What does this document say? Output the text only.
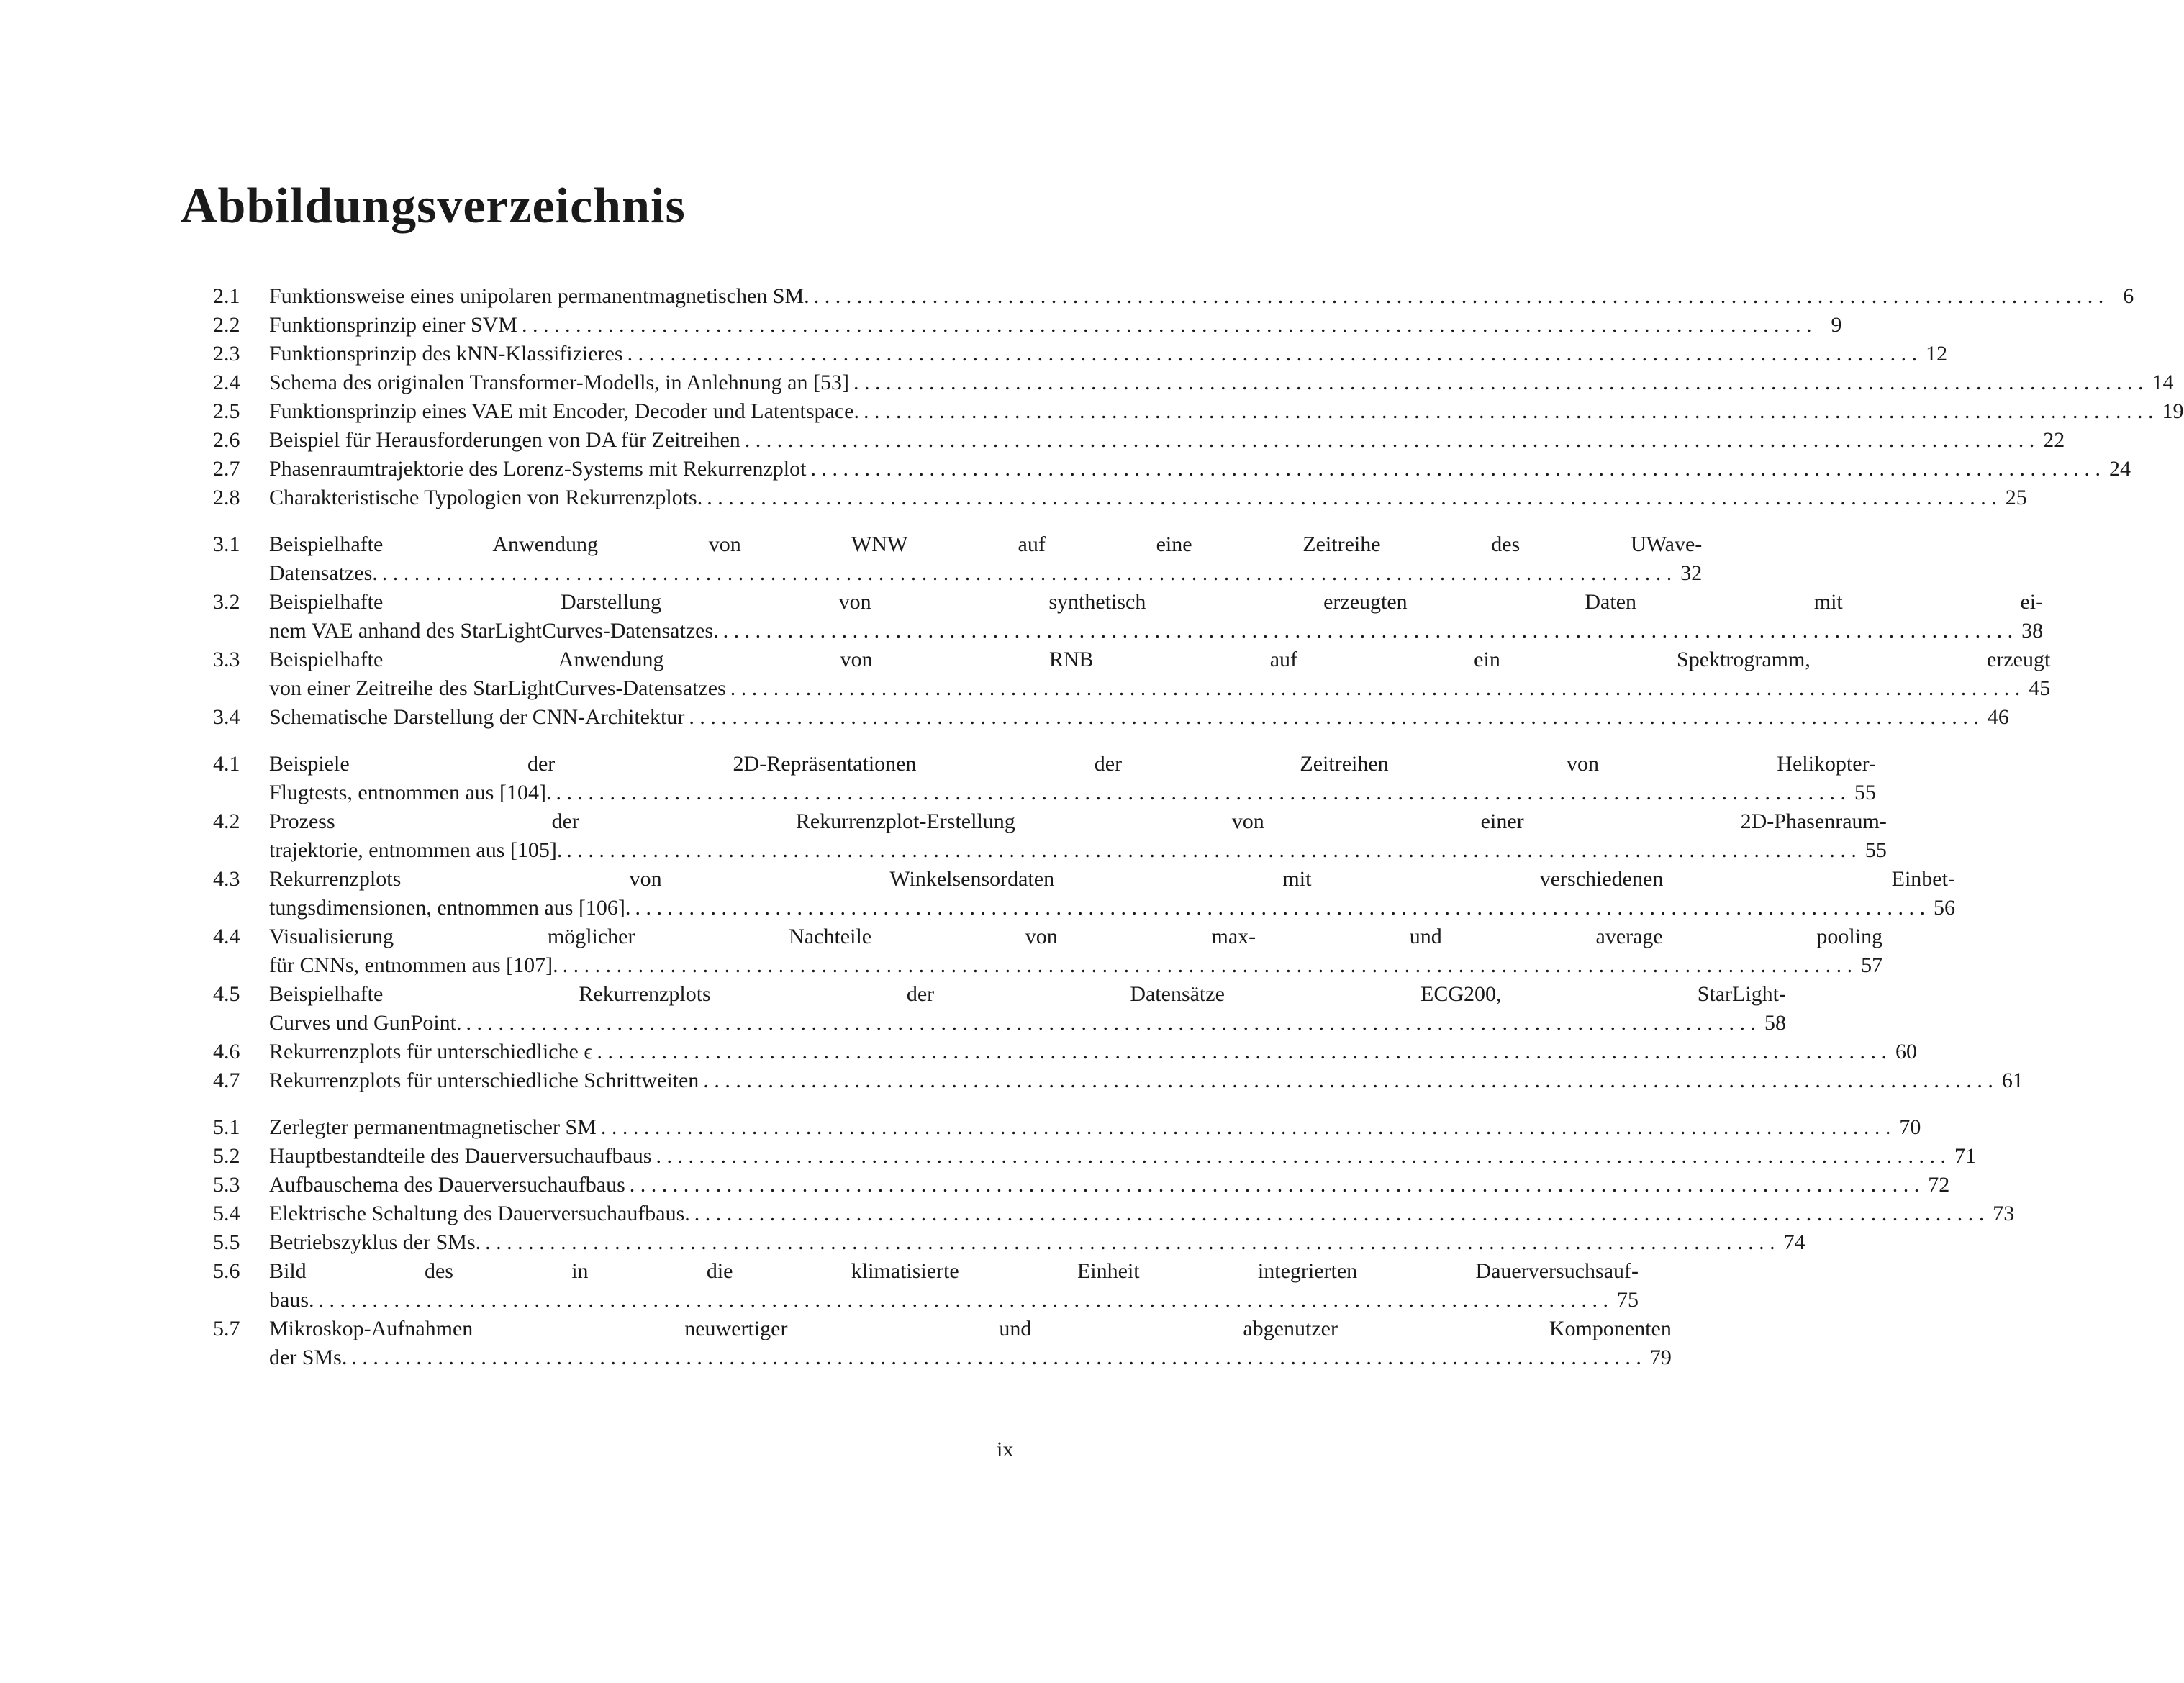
Abbildungsverzeichnis
2.1	Funktionsweise eines unipolaren permanentmagnetischen SM. . . . . . . . . . . . . . . . . . . . . . . . . . . . . . . . . . . . . . . . . . . . . . . . . . . . . . . . . . . . . . . . . . . . . . . . . . . . . . . . . . . . . . . . . . . . . . . . . . . . . . . . . . . . . . . . . . . . . . . . . 6
2.2	Funktionsprinzip einer SVM . . . . . . . . . . . . . . . . . . . . . . . . . . . . . . . . . . . . . . . . . . . . . . . . . . . . . . . . . . . . . . . . . . . . . . . . . . . . . . . . . . . . . . . . . . . . . . . . . . . . . . . . . . . . . . . . . . . . . . . . 9
2.3	Funktionsprinzip des kNN-Klassifizieres . . . . . . . . . . . . . . . . . . . . . . . . . . . . . . . . . . . . . . . . . . . . . . . . . . . . . . . . . . . . . . . . . . . . . . . . . . . . . . . . . . . . . . . . . . . . . . . . . . . . . . . . . . . . . . . . . . . . . . . . 12
2.4	Schema des originalen Transformer-Modells, in Anlehnung an [53] . . . . . . . . . . . . . . . . . . . . . . . . . . . . . . . . . . . . . . . . . . . . . . . . . . . . . . . . . . . . . . . . . . . . . . . . . . . . . . . . . . . . . . . . . . . . . . . . . . . . . . . . . . . . . . . . . . . . . . . . 14
2.5	Funktionsprinzip eines VAE mit Encoder, Decoder und Latentspace. . . . . . . . . . . . . . . . . . . . . . . . . . . . . . . . . . . . . . . . . . . . . . . . . . . . . . . . . . . . . . . . . . . . . . . . . . . . . . . . . . . . . . . . . . . . . . . . . . . . . . . . . . . . . . . . . . . . . . . . . 19
2.6	Beispiel für Herausforderungen von DA für Zeitreihen . . . . . . . . . . . . . . . . . . . . . . . . . . . . . . . . . . . . . . . . . . . . . . . . . . . . . . . . . . . . . . . . . . . . . . . . . . . . . . . . . . . . . . . . . . . . . . . . . . . . . . . . . . . . . . . . . . . . . . . . 22
2.7	Phasenraumtrajektorie des Lorenz-Systems mit Rekurrenzplot . . . . . . . . . . . . . . . . . . . . . . . . . . . . . . . . . . . . . . . . . . . . . . . . . . . . . . . . . . . . . . . . . . . . . . . . . . . . . . . . . . . . . . . . . . . . . . . . . . . . . . . . . . . . . . . . . . . . . . . . 24
2.8	Charakteristische Typologien von Rekurrenzplots. . . . . . . . . . . . . . . . . . . . . . . . . . . . . . . . . . . . . . . . . . . . . . . . . . . . . . . . . . . . . . . . . . . . . . . . . . . . . . . . . . . . . . . . . . . . . . . . . . . . . . . . . . . . . . . . . . . . . . . . . 25
3.1	Beispielhafte Anwendung von WNW auf eine Zeitreihe des UWave-
Datensatzes. . . . . . . . . . . . . . . . . . . . . . . . . . . . . . . . . . . . . . . . . . . . . . . . . . . . . . . . . . . . . . . . . . . . . . . . . . . . . . . . . . . . . . . . . . . . . . . . . . . . . . . . . . . . . . . . . . . . . . . . . 32
3.2	Beispielhafte Darstellung von synthetisch erzeugten Daten mit ei-
nem VAE anhand des StarLightCurves-Datensatzes. . . . . . . . . . . . . . . . . . . . . . . . . . . . . . . . . . . . . . . . . . . . . . . . . . . . . . . . . . . . . . . . . . . . . . . . . . . . . . . . . . . . . . . . . . . . . . . . . . . . . . . . . . . . . . . . . . . . . . . . . 38
3.3	Beispielhafte Anwendung von RNB auf ein Spektrogramm, erzeugt
von einer Zeitreihe des StarLightCurves-Datensatzes . . . . . . . . . . . . . . . . . . . . . . . . . . . . . . . . . . . . . . . . . . . . . . . . . . . . . . . . . . . . . . . . . . . . . . . . . . . . . . . . . . . . . . . . . . . . . . . . . . . . . . . . . . . . . . . . . . . . . . . . 45
3.4	Schematische Darstellung der CNN-Architektur . . . . . . . . . . . . . . . . . . . . . . . . . . . . . . . . . . . . . . . . . . . . . . . . . . . . . . . . . . . . . . . . . . . . . . . . . . . . . . . . . . . . . . . . . . . . . . . . . . . . . . . . . . . . . . . . . . . . . . . . 46
4.1	Beispiele der 2D-Repräsentationen der Zeitreihen von Helikopter-
Flugtests, entnommen aus [104]. . . . . . . . . . . . . . . . . . . . . . . . . . . . . . . . . . . . . . . . . . . . . . . . . . . . . . . . . . . . . . . . . . . . . . . . . . . . . . . . . . . . . . . . . . . . . . . . . . . . . . . . . . . . . . . . . . . . . . . . . 55
4.2	Prozess der Rekurrenzplot-Erstellung von einer 2D-Phasenraum-
trajektorie, entnommen aus [105]. . . . . . . . . . . . . . . . . . . . . . . . . . . . . . . . . . . . . . . . . . . . . . . . . . . . . . . . . . . . . . . . . . . . . . . . . . . . . . . . . . . . . . . . . . . . . . . . . . . . . . . . . . . . . . . . . . . . . . . . . 55
4.3	Rekurrenzplots von Winkelsensordaten mit verschiedenen Einbet-
tungsdimensionen, entnommen aus [106]. . . . . . . . . . . . . . . . . . . . . . . . . . . . . . . . . . . . . . . . . . . . . . . . . . . . . . . . . . . . . . . . . . . . . . . . . . . . . . . . . . . . . . . . . . . . . . . . . . . . . . . . . . . . . . . . . . . . . . . . . 56
4.4	Visualisierung möglicher Nachteile von max- und average pooling
für CNNs, entnommen aus [107]. . . . . . . . . . . . . . . . . . . . . . . . . . . . . . . . . . . . . . . . . . . . . . . . . . . . . . . . . . . . . . . . . . . . . . . . . . . . . . . . . . . . . . . . . . . . . . . . . . . . . . . . . . . . . . . . . . . . . . . . . 57
4.5	Beispielhafte Rekurrenzplots der Datensätze ECG200, StarLight-
Curves und GunPoint. . . . . . . . . . . . . . . . . . . . . . . . . . . . . . . . . . . . . . . . . . . . . . . . . . . . . . . . . . . . . . . . . . . . . . . . . . . . . . . . . . . . . . . . . . . . . . . . . . . . . . . . . . . . . . . . . . . . . . . . . 58
4.6	Rekurrenzplots für unterschiedliche ϵ . . . . . . . . . . . . . . . . . . . . . . . . . . . . . . . . . . . . . . . . . . . . . . . . . . . . . . . . . . . . . . . . . . . . . . . . . . . . . . . . . . . . . . . . . . . . . . . . . . . . . . . . . . . . . . . . . . . . . . . . 60
4.7	Rekurrenzplots für unterschiedliche Schrittweiten . . . . . . . . . . . . . . . . . . . . . . . . . . . . . . . . . . . . . . . . . . . . . . . . . . . . . . . . . . . . . . . . . . . . . . . . . . . . . . . . . . . . . . . . . . . . . . . . . . . . . . . . . . . . . . . . . . . . . . . . 61
5.1	Zerlegter permanentmagnetischer SM . . . . . . . . . . . . . . . . . . . . . . . . . . . . . . . . . . . . . . . . . . . . . . . . . . . . . . . . . . . . . . . . . . . . . . . . . . . . . . . . . . . . . . . . . . . . . . . . . . . . . . . . . . . . . . . . . . . . . . . . 70
5.2	Hauptbestandteile des Dauerversuchaufbaus . . . . . . . . . . . . . . . . . . . . . . . . . . . . . . . . . . . . . . . . . . . . . . . . . . . . . . . . . . . . . . . . . . . . . . . . . . . . . . . . . . . . . . . . . . . . . . . . . . . . . . . . . . . . . . . . . . . . . . . . 71
5.3	Aufbauschema des Dauerversuchaufbaus . . . . . . . . . . . . . . . . . . . . . . . . . . . . . . . . . . . . . . . . . . . . . . . . . . . . . . . . . . . . . . . . . . . . . . . . . . . . . . . . . . . . . . . . . . . . . . . . . . . . . . . . . . . . . . . . . . . . . . . . 72
5.4	Elektrische Schaltung des Dauerversuchaufbaus. . . . . . . . . . . . . . . . . . . . . . . . . . . . . . . . . . . . . . . . . . . . . . . . . . . . . . . . . . . . . . . . . . . . . . . . . . . . . . . . . . . . . . . . . . . . . . . . . . . . . . . . . . . . . . . . . . . . . . . . . 73
5.5	Betriebszyklus der SMs. . . . . . . . . . . . . . . . . . . . . . . . . . . . . . . . . . . . . . . . . . . . . . . . . . . . . . . . . . . . . . . . . . . . . . . . . . . . . . . . . . . . . . . . . . . . . . . . . . . . . . . . . . . . . . . . . . . . . . . . . 74
5.6	Bild des in die klimatisierte Einheit integrierten Dauerversuchsauf-
baus. . . . . . . . . . . . . . . . . . . . . . . . . . . . . . . . . . . . . . . . . . . . . . . . . . . . . . . . . . . . . . . . . . . . . . . . . . . . . . . . . . . . . . . . . . . . . . . . . . . . . . . . . . . . . . . . . . . . . . . . . 75
5.7	Mikroskop-Aufnahmen neuwertiger und abgenutzer Komponenten
der SMs. . . . . . . . . . . . . . . . . . . . . . . . . . . . . . . . . . . . . . . . . . . . . . . . . . . . . . . . . . . . . . . . . . . . . . . . . . . . . . . . . . . . . . . . . . . . . . . . . . . . . . . . . . . . . . . . . . . . . . . . . 79
ix
